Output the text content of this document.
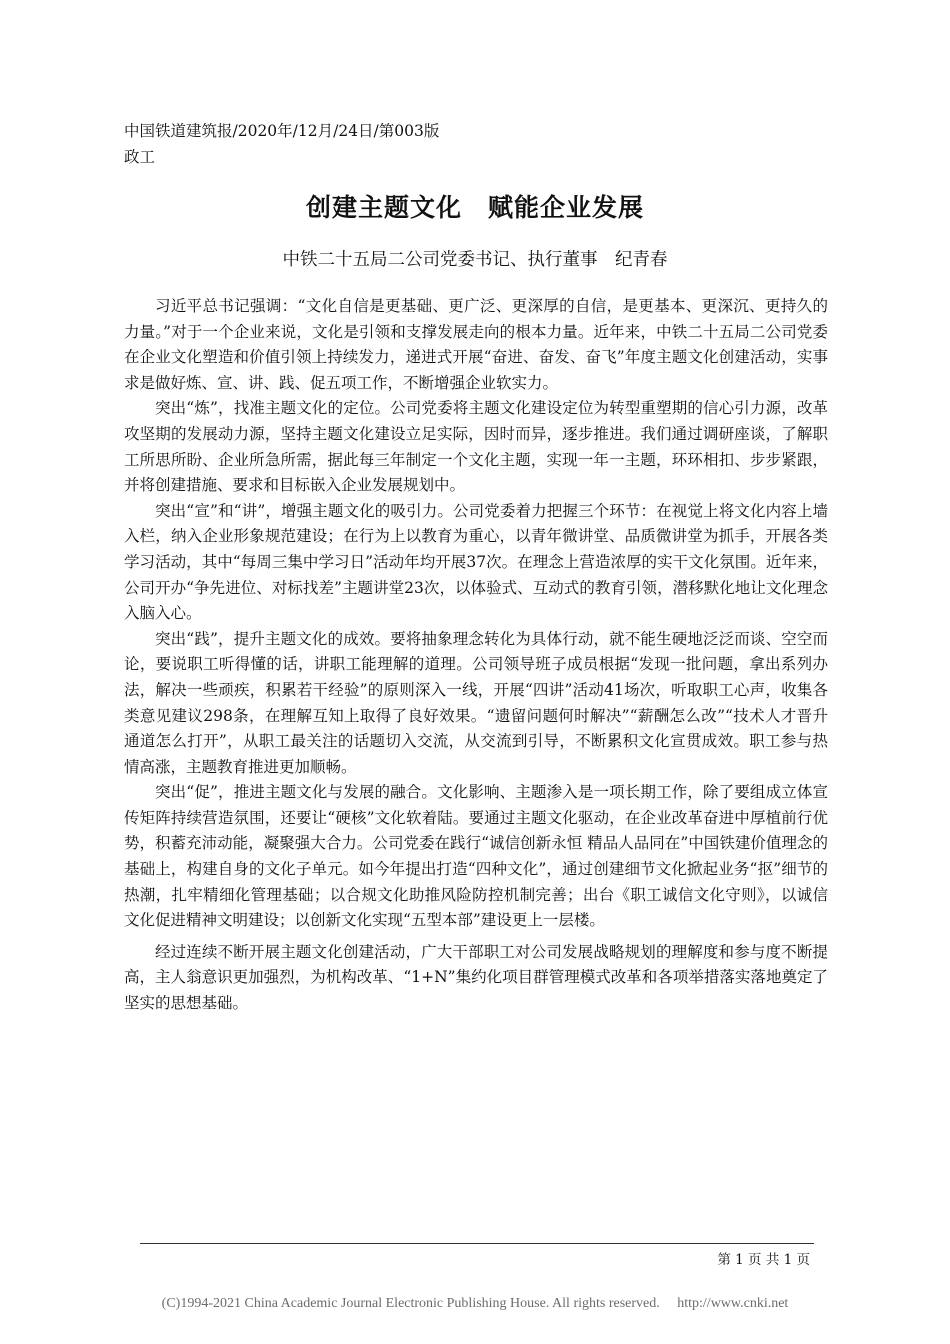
中国铁道建筑报/2020年/12月/24日/第003版
政工
创建主题文化　赋能企业发展
中铁二十五局二公司党委书记、执行董事　纪青春

习近平总书记强调：“文化自信是更基础、更广泛、更深厚的自信，是更基本、更深沉、更持久的力量。”对于一个企业来说，文化是引领和支撑发展走向的根本力量。近年来，中铁二十五局二公司党委在企业文化塑造和价值引领上持续发力，递进式开展“奋进、奋发、奋飞”年度主题文化创建活动，实事求是做好炼、宣、讲、践、促五项工作，不断增强企业软实力。

突出“炼”，找准主题文化的定位。公司党委将主题文化建设定位为转型重塑期的信心引力源，改革攻坚期的发展动力源，坚持主题文化建设立足实际，因时而异，逐步推进。我们通过调研座谈，了解职工所思所盼、企业所急所需，据此每三年制定一个文化主题，实现一年一主题，环环相扣、步步紧跟，并将创建措施、要求和目标嵌入企业发展规划中。

突出“宣”和“讲”，增强主题文化的吸引力。公司党委着力把握三个环节：在视觉上将文化内容上墙入栏，纳入企业形象规范建设；在行为上以教育为重心，以青年微讲堂、品质微讲堂为抓手，开展各类学习活动，其中“每周三集中学习日”活动年均开展37次。在理念上营造浓厚的实干文化氛围。近年来，公司开办“争先进位、对标找差”主题讲堂23次，以体验式、互动式的教育引领，潜移默化地让文化理念入脑入心。

突出“践”，提升主题文化的成效。要将抽象理念转化为具体行动，就不能生硬地泛泛而谈、空空而论，要说职工听得懂的话，讲职工能理解的道理。公司领导班子成员根据“发现一批问题，拿出系列办法，解决一些顽疾，积累若干经验”的原则深入一线，开展“四讲”活动41场次，听取职工心声，收集各类意见建议298条，在理解互知上取得了良好效果。“遗留问题何时解决”“薪酬怎么改”“技术人才晋升通道怎么打开”，从职工最关注的话题切入交流，从交流到引导，不断累积文化宣贯成效。职工参与热情高涨，主题教育推进更加顺畅。

突出“促”，推进主题文化与发展的融合。文化影响、主题渗入是一项长期工作，除了要组成立体宣传矩阵持续营造氛围，还要让“硬核”文化软着陆。要通过主题文化驱动，在企业改革奋进中厚植前行优势，积蓄充沛动能，凝聚强大合力。公司党委在践行“诚信创新永恒 精品人品同在”中国铁建价值理念的基础上，构建自身的文化子单元。如今年提出打造“四种文化”，通过创建细节文化掀起业务“抠”细节的热潮，扎牢精细化管理基础；以合规文化助推风险防控机制完善；出台《职工诚信文化守则》，以诚信文化促进精神文明建设；以创新文化实现“五型本部”建设更上一层楼。

经过连续不断开展主题文化创建活动，广大干部职工对公司发展战略规划的理解度和参与度不断提高，主人翁意识更加强烈，为机构改革、“1+N”集约化项目群管理模式改革和各项举措落实落地奠定了坚实的思想基础。

第 1 页 共 1 页
(C)1994-2021 China Academic Journal Electronic Publishing House. All rights reserved.     http://www.cnki.net
